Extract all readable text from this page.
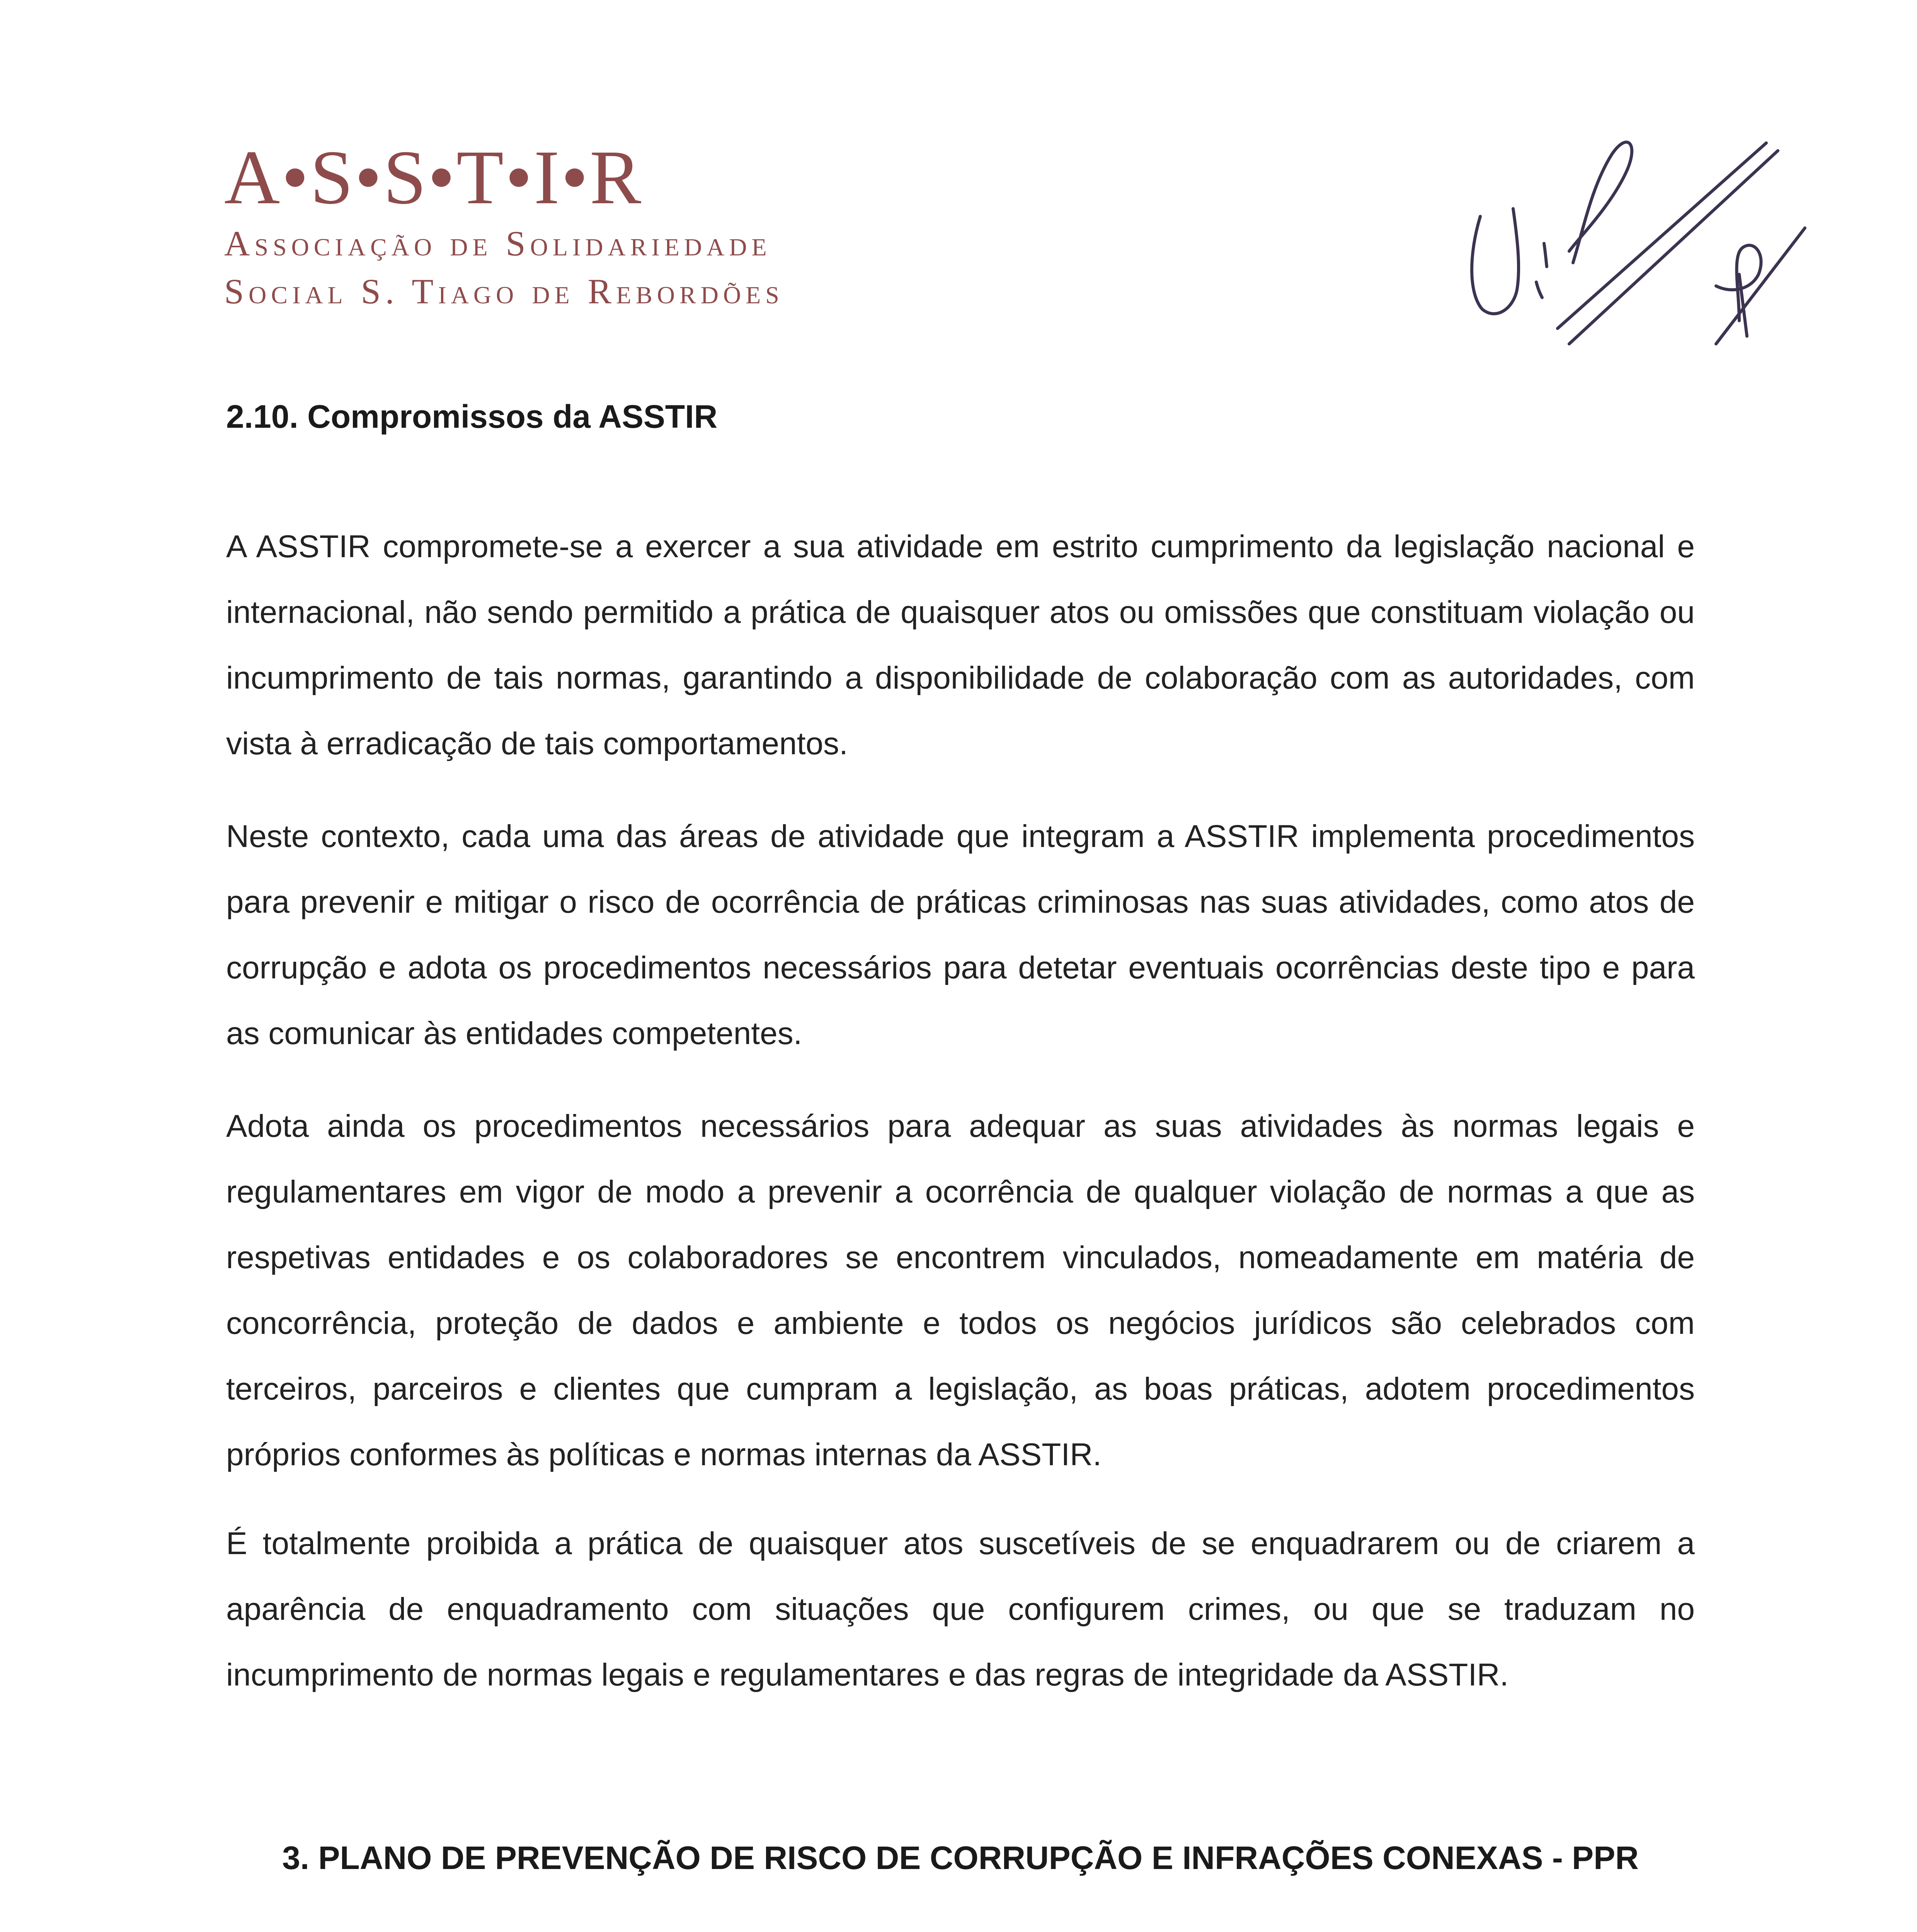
A•S•S•T•I•R
Associação de Solidariedade
Social S. Tiago de Rebordões
2.10. Compromissos da ASSTIR

A ASSTIR compromete-se a exercer a sua atividade em estrito cumprimento da legislação nacional e internacional, não sendo permitido a prática de quaisquer atos ou omissões que constituam violação ou incumprimento de tais normas, garantindo a disponibilidade de colaboração com as autoridades, com vista à erradicação de tais comportamentos.

Neste contexto, cada uma das áreas de atividade que integram a ASSTIR implementa procedimentos para prevenir e mitigar o risco de ocorrência de práticas criminosas nas suas atividades, como atos de corrupção e adota os procedimentos necessários para detetar eventuais ocorrências deste tipo e para as comunicar às entidades competentes.

Adota ainda os procedimentos necessários para adequar as suas atividades às normas legais e regulamentares em vigor de modo a prevenir a ocorrência de qualquer violação de normas a que as respetivas entidades e os colaboradores se encontrem vinculados, nomeadamente em matéria de concorrência, proteção de dados e ambiente e todos os negócios jurídicos são celebrados com terceiros, parceiros e clientes que cumpram a legislação, as boas práticas, adotem procedimentos próprios conformes às políticas e normas internas da ASSTIR.

É totalmente proibida a prática de quaisquer atos suscetíveis de se enquadrarem ou de criarem a aparência de enquadramento com situações que configurem crimes, ou que se traduzam no incumprimento de normas legais e regulamentares e das regras de integridade da ASSTIR.

3. PLANO DE PREVENÇÃO DE RISCO DE CORRUPÇÃO E INFRAÇÕES CONEXAS - PPR
